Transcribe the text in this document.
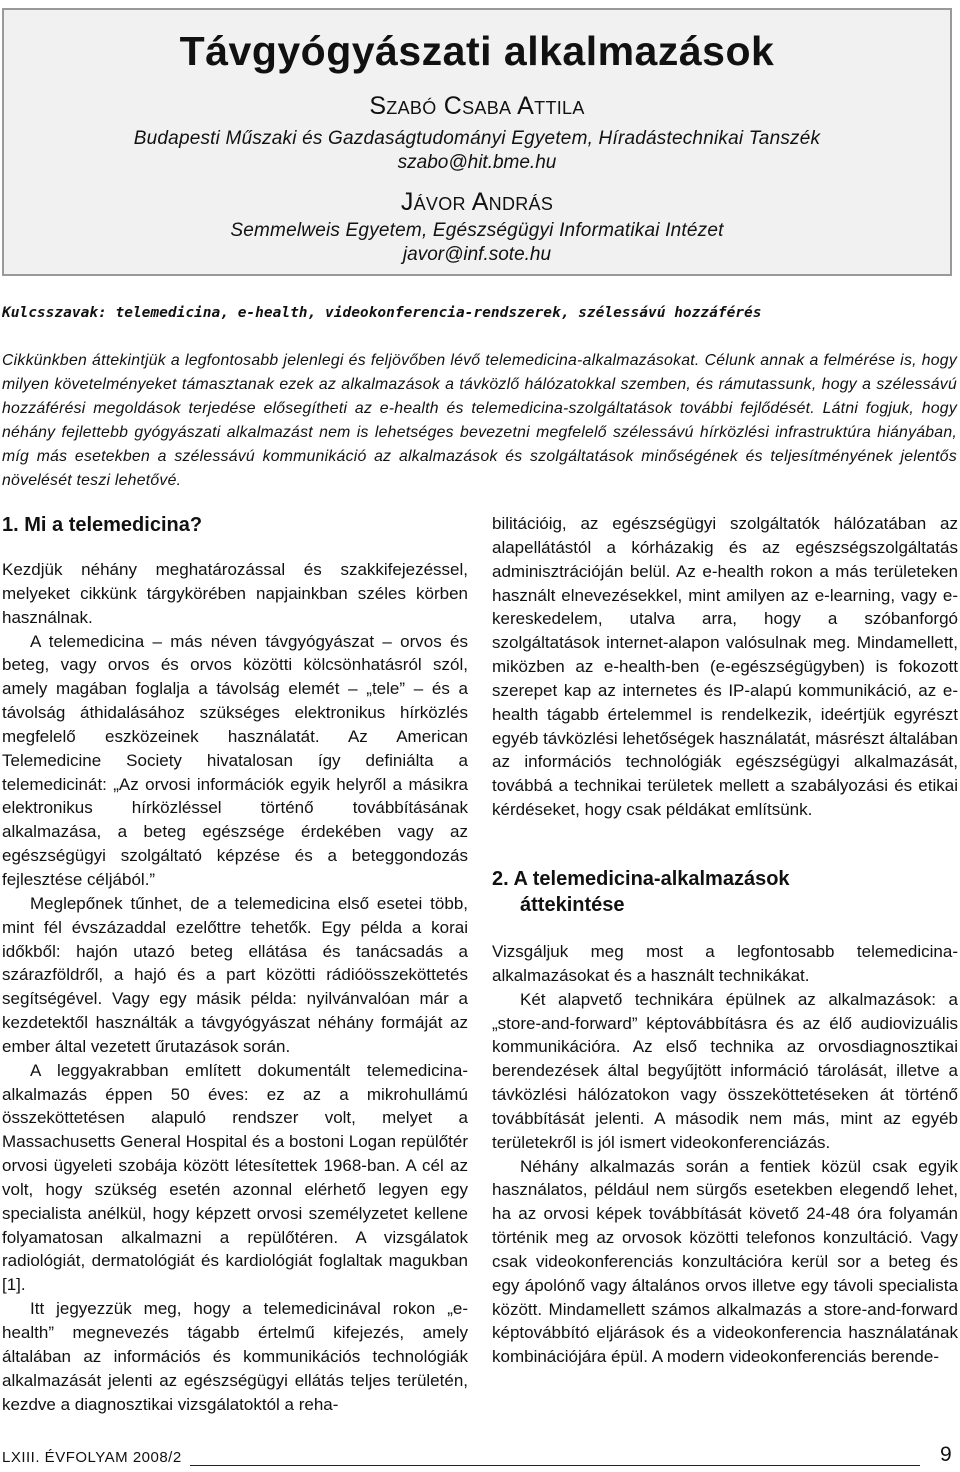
Távgyógyászati alkalmazások
Szabó Csaba Attila
Budapesti Műszaki és Gazdaságtudományi Egyetem, Híradástechnikai Tanszék
szabo@hit.bme.hu
Jávor András
Semmelweis Egyetem, Egészségügyi Informatikai Intézet
javor@inf.sote.hu
Kulcsszavak: telemedicina, e-health, videokonferencia-rendszerek, szélessávú hozzáférés
Cikkünkben áttekintjük a legfontosabb jelenlegi és feljövőben lévő telemedicina-alkalmazásokat. Célunk annak a felmérése is, hogy milyen követelményeket támasztanak ezek az alkalmazások a távközlő hálózatokkal szemben, és rámutassunk, hogy a szélessávú hozzáférési megoldások terjedése elősegítheti az e-health és telemedicina-szolgáltatások további fejlődését. Látni fogjuk, hogy néhány fejlettebb gyógyászati alkalmazást nem is lehetséges bevezetni megfelelő szélessávú hírközlési infrastruktúra hiányában, míg más esetekben a szélessávú kommunikáció az alkalmazások és szolgáltatások minőségének és teljesítményének jelentős növelését teszi lehetővé.
1. Mi a telemedicina?

Kezdjük néhány meghatározással és szakkifejezéssel, melyeket cikkünk tárgykörében napjainkban széles körben használnak.

A telemedicina – más néven távgyógyászat – orvos és beteg, vagy orvos és orvos közötti kölcsönhatásról szól, amely magában foglalja a távolság elemét – „tele” – és a távolság áthidalásához szükséges elektronikus hírközlés megfelelő eszközeinek használatát. Az American Telemedicine Society hivatalosan így definiálta a telemedicinát: „Az orvosi információk egyik helyről a másikra elektronikus hírközléssel történő továbbításának alkalmazása, a beteg egészsége érdekében vagy az egészségügyi szolgáltató képzése és a beteggondozás fejlesztése céljából.”

Meglepőnek tűnhet, de a telemedicina első esetei több, mint fél évszázaddal ezelőttre tehetők. Egy példa a korai időkből: hajón utazó beteg ellátása és tanácsadás a szárazföldről, a hajó és a part közötti rádióösszeköttetés segítségével. Vagy egy másik példa: nyilvánvalóan már a kezdetektől használták a távgyógyászat néhány formáját az ember által vezetett űrutazások során.

A leggyakrabban említett dokumentált telemedicina-alkalmazás éppen 50 éves: ez az a mikrohullámú összeköttetésen alapuló rendszer volt, melyet a Massachusetts General Hospital és a bostoni Logan repülőtér orvosi ügyeleti szobája között létesítettek 1968-ban. A cél az volt, hogy szükség esetén azonnal elérhető legyen egy specialista anélkül, hogy képzett orvosi személyzetet kellene folyamatosan alkalmazni a repülőtéren. A vizsgálatok radiológiát, dermatológiát és kardiológiát foglaltak magukban [1].

Itt jegyezzük meg, hogy a telemedicinával rokon „e-health” megnevezés tágabb értelmű kifejezés, amely általában az információs és kommunikációs technológiák alkalmazását jelenti az egészségügyi ellátás teljes területén, kezdve a diagnosztikai vizsgálatoktól a reha-

bilitációig, az egészségügyi szolgáltatók hálózatában az alapellátástól a kórházakig és az egészségszolgáltatás adminisztrációján belül. Az e-health rokon a más területeken használt elnevezésekkel, mint amilyen az e-learning, vagy e-kereskedelem, utalva arra, hogy a szóbanforgó szolgáltatások internet-alapon valósulnak meg. Mindamellett, miközben az e-health-ben (e-egészségügyben) is fokozott szerepet kap az internetes és IP-alapú kommunikáció, az e-health tágabb értelemmel is rendelkezik, ideértjük egyrészt egyéb távközlési lehetőségek használatát, másrészt általában az információs technológiák egészségügyi alkalmazását, továbbá a technikai területek mellett a szabályozási és etikai kérdéseket, hogy csak példákat említsünk.

2. A telemedicina-alkalmazások
áttekintése

Vizsgáljuk meg most a legfontosabb telemedicina-alkalmazásokat és a használt technikákat.

Két alapvető technikára épülnek az alkalmazások: a „store-and-forward” képtovábbításra és az élő audiovizuális kommunikációra. Az első technika az orvosdiagnosztikai berendezések által begyűjtött információ tárolását, illetve a távközlési hálózatokon vagy összeköttetéseken át történő továbbítását jelenti. A második nem más, mint az egyéb területekről is jól ismert videokonferenciázás.

Néhány alkalmazás során a fentiek közül csak egyik használatos, például nem sürgős esetekben elegendő lehet, ha az orvosi képek továbbítását követő 24-48 óra folyamán történik meg az orvosok közötti telefonos konzultáció. Vagy csak videokonferenciás konzultációra kerül sor a beteg és egy ápolónő vagy általános orvos illetve egy távoli specialista között. Mindamellett számos alkalmazás a store-and-forward képtovábbító eljárások és a videokonferencia használatának kombinációjára épül. A modern videokonferenciás berende-

LXIII. ÉVFOLYAM 2008/2	9
